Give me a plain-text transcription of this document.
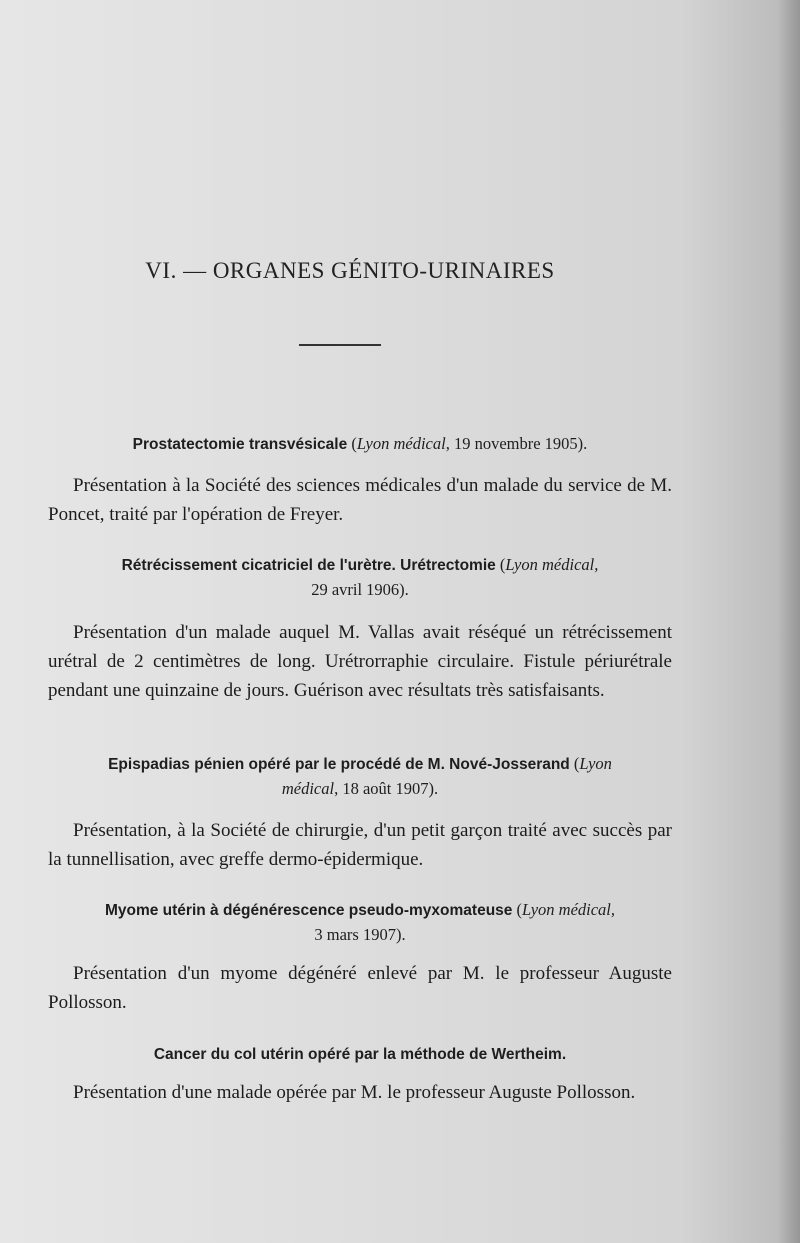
VI. — ORGANES GÉNITO-URINAIRES

Prostatectomie transvésicale (Lyon médical, 19 novembre 1905).

Présentation à la Société des sciences médicales d'un malade du service de M. Poncet, traité par l'opération de Freyer.

Rétrécissement cicatriciel de l'urètre. Urétrectomie (Lyon médical,
29 avril 1906).

Présentation d'un malade auquel M. Vallas avait réséqué un rétrécissement urétral de 2 centimètres de long. Urétrorraphie circulaire. Fistule périurétrale pendant une quinzaine de jours. Guérison avec résultats très satisfaisants.

Epispadias pénien opéré par le procédé de M. Nové-Josserand (Lyon
médical, 18 août 1907).

Présentation, à la Société de chirurgie, d'un petit garçon traité avec succès par la tunnellisation, avec greffe dermo-épidermique.

Myome utérin à dégénérescence pseudo-myxomateuse (Lyon médical,
3 mars 1907).

Présentation d'un myome dégénéré enlevé par M. le professeur Auguste Pollosson.

Cancer du col utérin opéré par la méthode de Wertheim.

Présentation d'une malade opérée par M. le professeur Auguste Pollosson.
